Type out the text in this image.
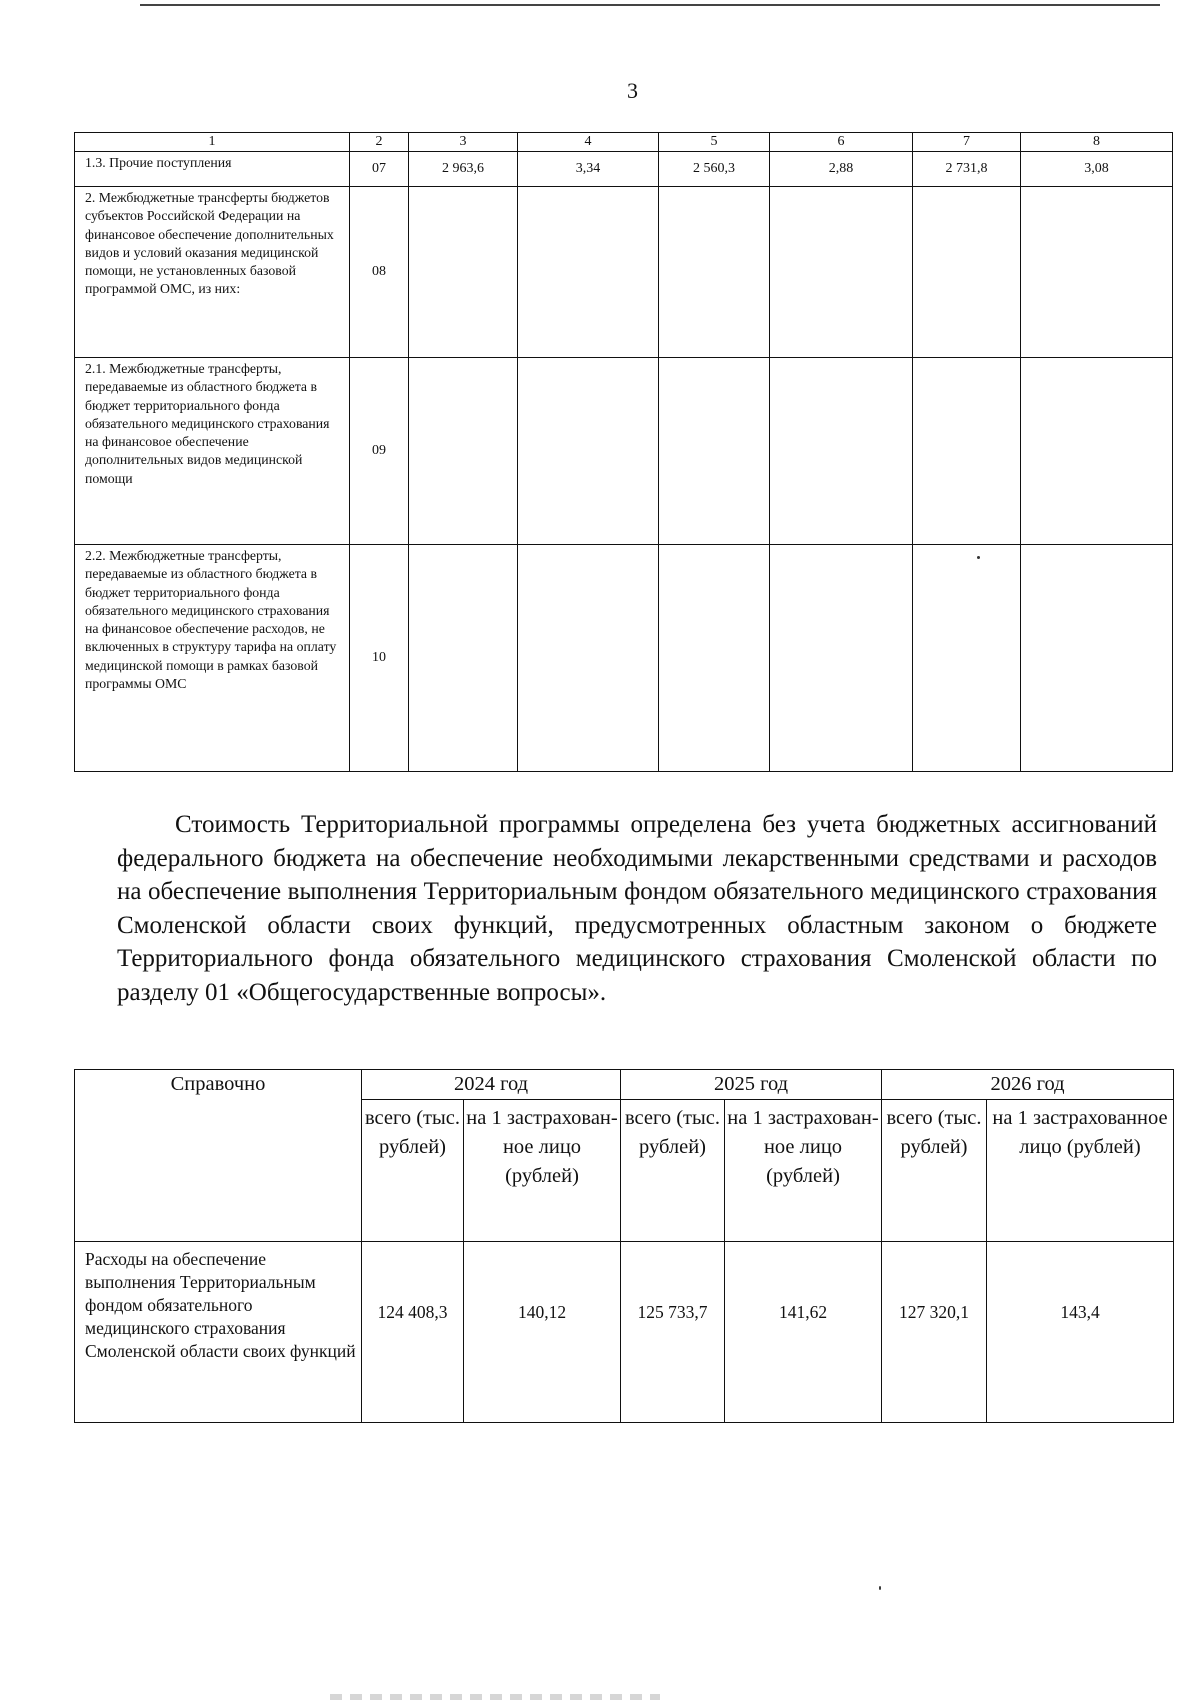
3
1	2	3	4	5	6	7	8
1.3. Прочие поступления	07	2 963,6	3,34	2 560,3	2,88	2 731,8	3,08
2. Межбюджетные трансферты бюджетов субъектов Российской Федерации на финансовое обеспечение дополнительных видов и условий оказания медицинской помощи, не установленных базовой программой ОМС, из них:	08						
2.1. Межбюджетные трансферты, передаваемые из областного бюджета в бюджет территориального фонда обязательного медицинского страхования на финансовое обеспечение дополнительных видов медицинской помощи	09						
2.2. Межбюджетные трансферты, передаваемые из областного бюджета в бюджет территориального фонда обязательного медицинского страхования на финансовое обеспечение расходов, не включенных в структуру тарифа на оплату медицинской помощи в рамках базовой программы ОМС	10						

Стоимость Территориальной программы определена без учета бюджетных ассигнований федерального бюджета на обеспечение необходимыми лекарственными средствами и расходов на обеспечение выполнения Территориальным фондом обязательного медицинского страхования Смоленской области своих функций, предусмотренных областным законом о бюджете Территориального фонда обязательного медицинского страхования Смоленской области по разделу 01 «Общегосударственные вопросы».

Справочно	2024 год		2025 год		2026 год	
	всего (тыс. рублей)	на 1 застрахован-ное лицо (рублей)	всего (тыс. рублей)	на 1 застрахован-ное лицо (рублей)	всего (тыс. рублей)	на 1 застрахованное лицо (рублей)
Расходы на обеспечение выполнения Территориальным фондом обязательного медицинского страхования Смоленской области своих функций	124 408,3	140,12	125 733,7	141,62	127 320,1	143,4
